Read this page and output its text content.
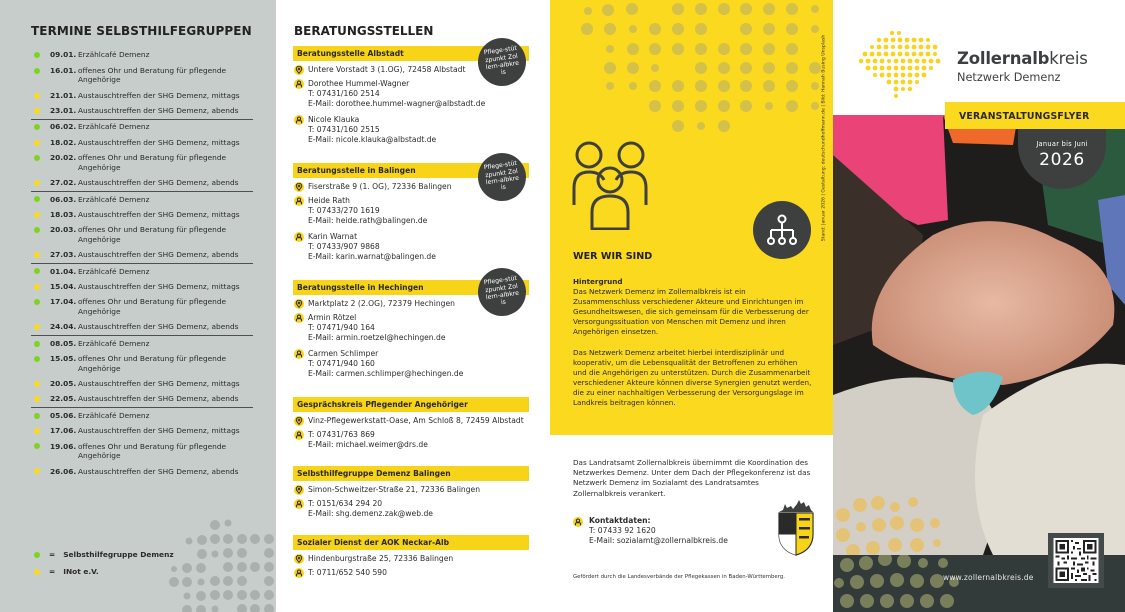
TERMINE SELBSTHILFEGRUPPEN
09.01. Erzählcafé Demenz
16.01. offenes Ohr und Beratung für pflegende Angehörige
21.01. Austauschtreffen der SHG Demenz, mittags
23.01. Austauschtreffen der SHG Demenz, abends
06.02. Erzählcafé Demenz
18.02. Austauschtreffen der SHG Demenz, mittags
20.02. offenes Ohr und Beratung für pflegende Angehörige
27.02. Austauschtreffen der SHG Demenz, abends
06.03. Erzählcafé Demenz
18.03. Austauschtreffen der SHG Demenz, mittags
20.03. offenes Ohr und Beratung für pflegende Angehörige
27.03. Austauschtreffen der SHG Demenz, abends
01.04. Erzählcafé Demenz
15.04. Austauschtreffen der SHG Demenz, mittags
17.04. offenes Ohr und Beratung für pflegende Angehörige
24.04. Austauschtreffen der SHG Demenz, abends
08.05. Erzählcafé Demenz
15.05. offenes Ohr und Beratung für pflegende Angehörige
20.05. Austauschtreffen der SHG Demenz, mittags
22.05. Austauschtreffen der SHG Demenz, abends
05.06. Erzählcafé Demenz
17.06. Austauschtreffen der SHG Demenz, mittags
19.06. offenes Ohr und Beratung für pflegende Angehörige
26.06. Austauschtreffen der SHG Demenz, abends
= Selbsthilfegruppe Demenz
= INot e.V.
BERATUNGSSTELLEN
Beratungsstelle Albstadt
Untere Vorstadt 3 (1.OG), 72458 Albstadt
Dorothee Hummel-Wagner
T: 07431/160 2514
E-Mail: dorothee.hummel-wagner@albstadt.de
Nicole Klauka
T: 07431/160 2515
E-Mail: nicole.klauka@albstadt.de
Beratungsstelle in Balingen
Fiserstraße 9 (1. OG), 72336 Balingen
Heide Rath
T: 07433/270 1619
E-Mail: heide.rath@balingen.de
Karin Warnat
T: 07433/907 9868
E-Mail: karin.warnat@balingen.de
Beratungsstelle in Hechingen
Marktplatz 2 (2.OG), 72379 Hechingen
Armin Rötzel
T: 07471/940 164
E-Mail: armin.roetzel@hechingen.de
Carmen Schlimper
T: 07471/940 160
E-Mail: carmen.schlimper@hechingen.de
Gesprächskreis Pflegender Angehöriger
Vinz-Pflegewerkstatt-Oase, Am Schloß 8, 72459 Albstadt
T: 07431/763 869
E-Mail: michael.weimer@drs.de
Selbsthilfegruppe Demenz Balingen
Simon-Schweitzer-Straße 21, 72336 Balingen
T: 0151/634 294 20
E-Mail: shg.demenz.zak@web.de
Sozialer Dienst der AOK Neckar-Alb
Hindenburgstraße 25, 72336 Balingen
T: 0711/652 540 590
Pflege-stützpunkt Zollern-albkreis
Pflege-stützpunkt Zollern-albkreis
Pflege-stützpunkt Zollern-albkreis
Stand: Januar 2026 | Gestaltung: deutschundhoffmann.de | Bild: Hannah Busing Unsplash
WER WIR SIND
Hintergrund

Das Netzwerk Demenz im Zollernalbkreis ist ein Zusammenschluss verschiedener Akteure und Einrichtungen im Gesundheitswesen, die sich gemeinsam für die Verbesserung der Versorgungssituation von Menschen mit Demenz und ihren Angehörigen einsetzen.

Das Netzwerk Demenz arbeitet hierbei interdisziplinär und kooperativ, um die Lebensqualität der Betroffenen zu erhöhen und die Angehörigen zu unterstützen. Durch die Zusammenarbeit verschiedener Akteure können diverse Synergien genutzt werden, die zu einer nachhaltigen Verbesserung der Versorgungslage im Landkreis beitragen können.

Das Landratsamt Zollernalbkreis übernimmt die Koordination des Netzwerkes Demenz. Unter dem Dach der Pflegekonferenz ist das Netzwerk Demenz im Sozialamt des Landratsamtes Zollernalbkreis verankert.

Kontaktdaten:
T: 07433 92 1620
E-Mail: sozialamt@zollernalbkreis.de

Gefördert durch die Landesverbände der Pflegekassen in Baden-Württemberg.

Zollernalbkreis
Netzwerk Demenz
VERANSTALTUNGSFLYER
Januar bis Juni
2026
www.zollernalbkreis.de
